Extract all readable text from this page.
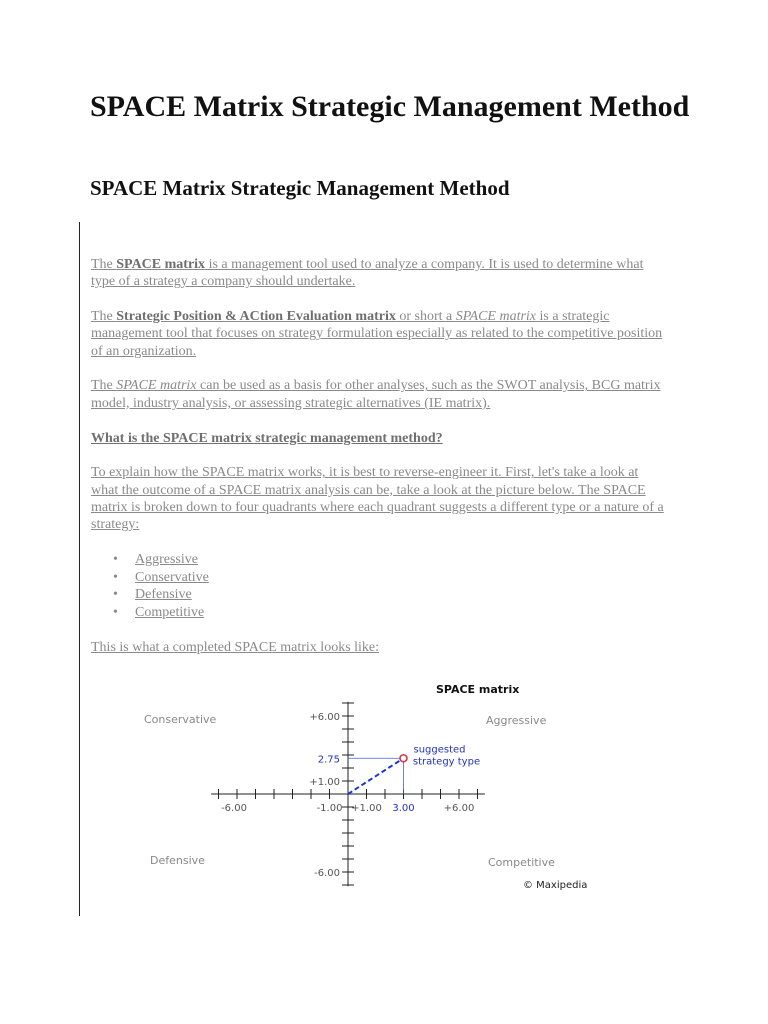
SPACE Matrix Strategic Management Method
SPACE Matrix Strategic Management Method

The SPACE matrix is a management tool used to analyze a company. It is used to determine what type of a strategy a company should undertake.

The Strategic Position & ACtion Evaluation matrix or short a SPACE matrix is a strategic management tool that focuses on strategy formulation especially as related to the competitive position of an organization.

The SPACE matrix can be used as a basis for other analyses, such as the SWOT analysis, BCG matrix model, industry analysis, or assessing strategic alternatives (IE matrix).

What is the SPACE matrix strategic management method?

To explain how the SPACE matrix works, it is best to reverse-engineer it. First, let's take a look at what the outcome of a SPACE matrix analysis can be, take a look at the picture below. The SPACE matrix is broken down to four quadrants where each quadrant suggests a different type or a nature of a strategy:

• Aggressive
• Conservative
• Defensive
• Competitive

This is what a completed SPACE matrix looks like:

SPACE matrix
Conservative	Aggressive
Defensive	Competitive
-6.00	-1.00 +1.00 3.00	+6.00
+6.00
2.75
+1.00
-6.00
suggested
strategy type
© Maxipedia
